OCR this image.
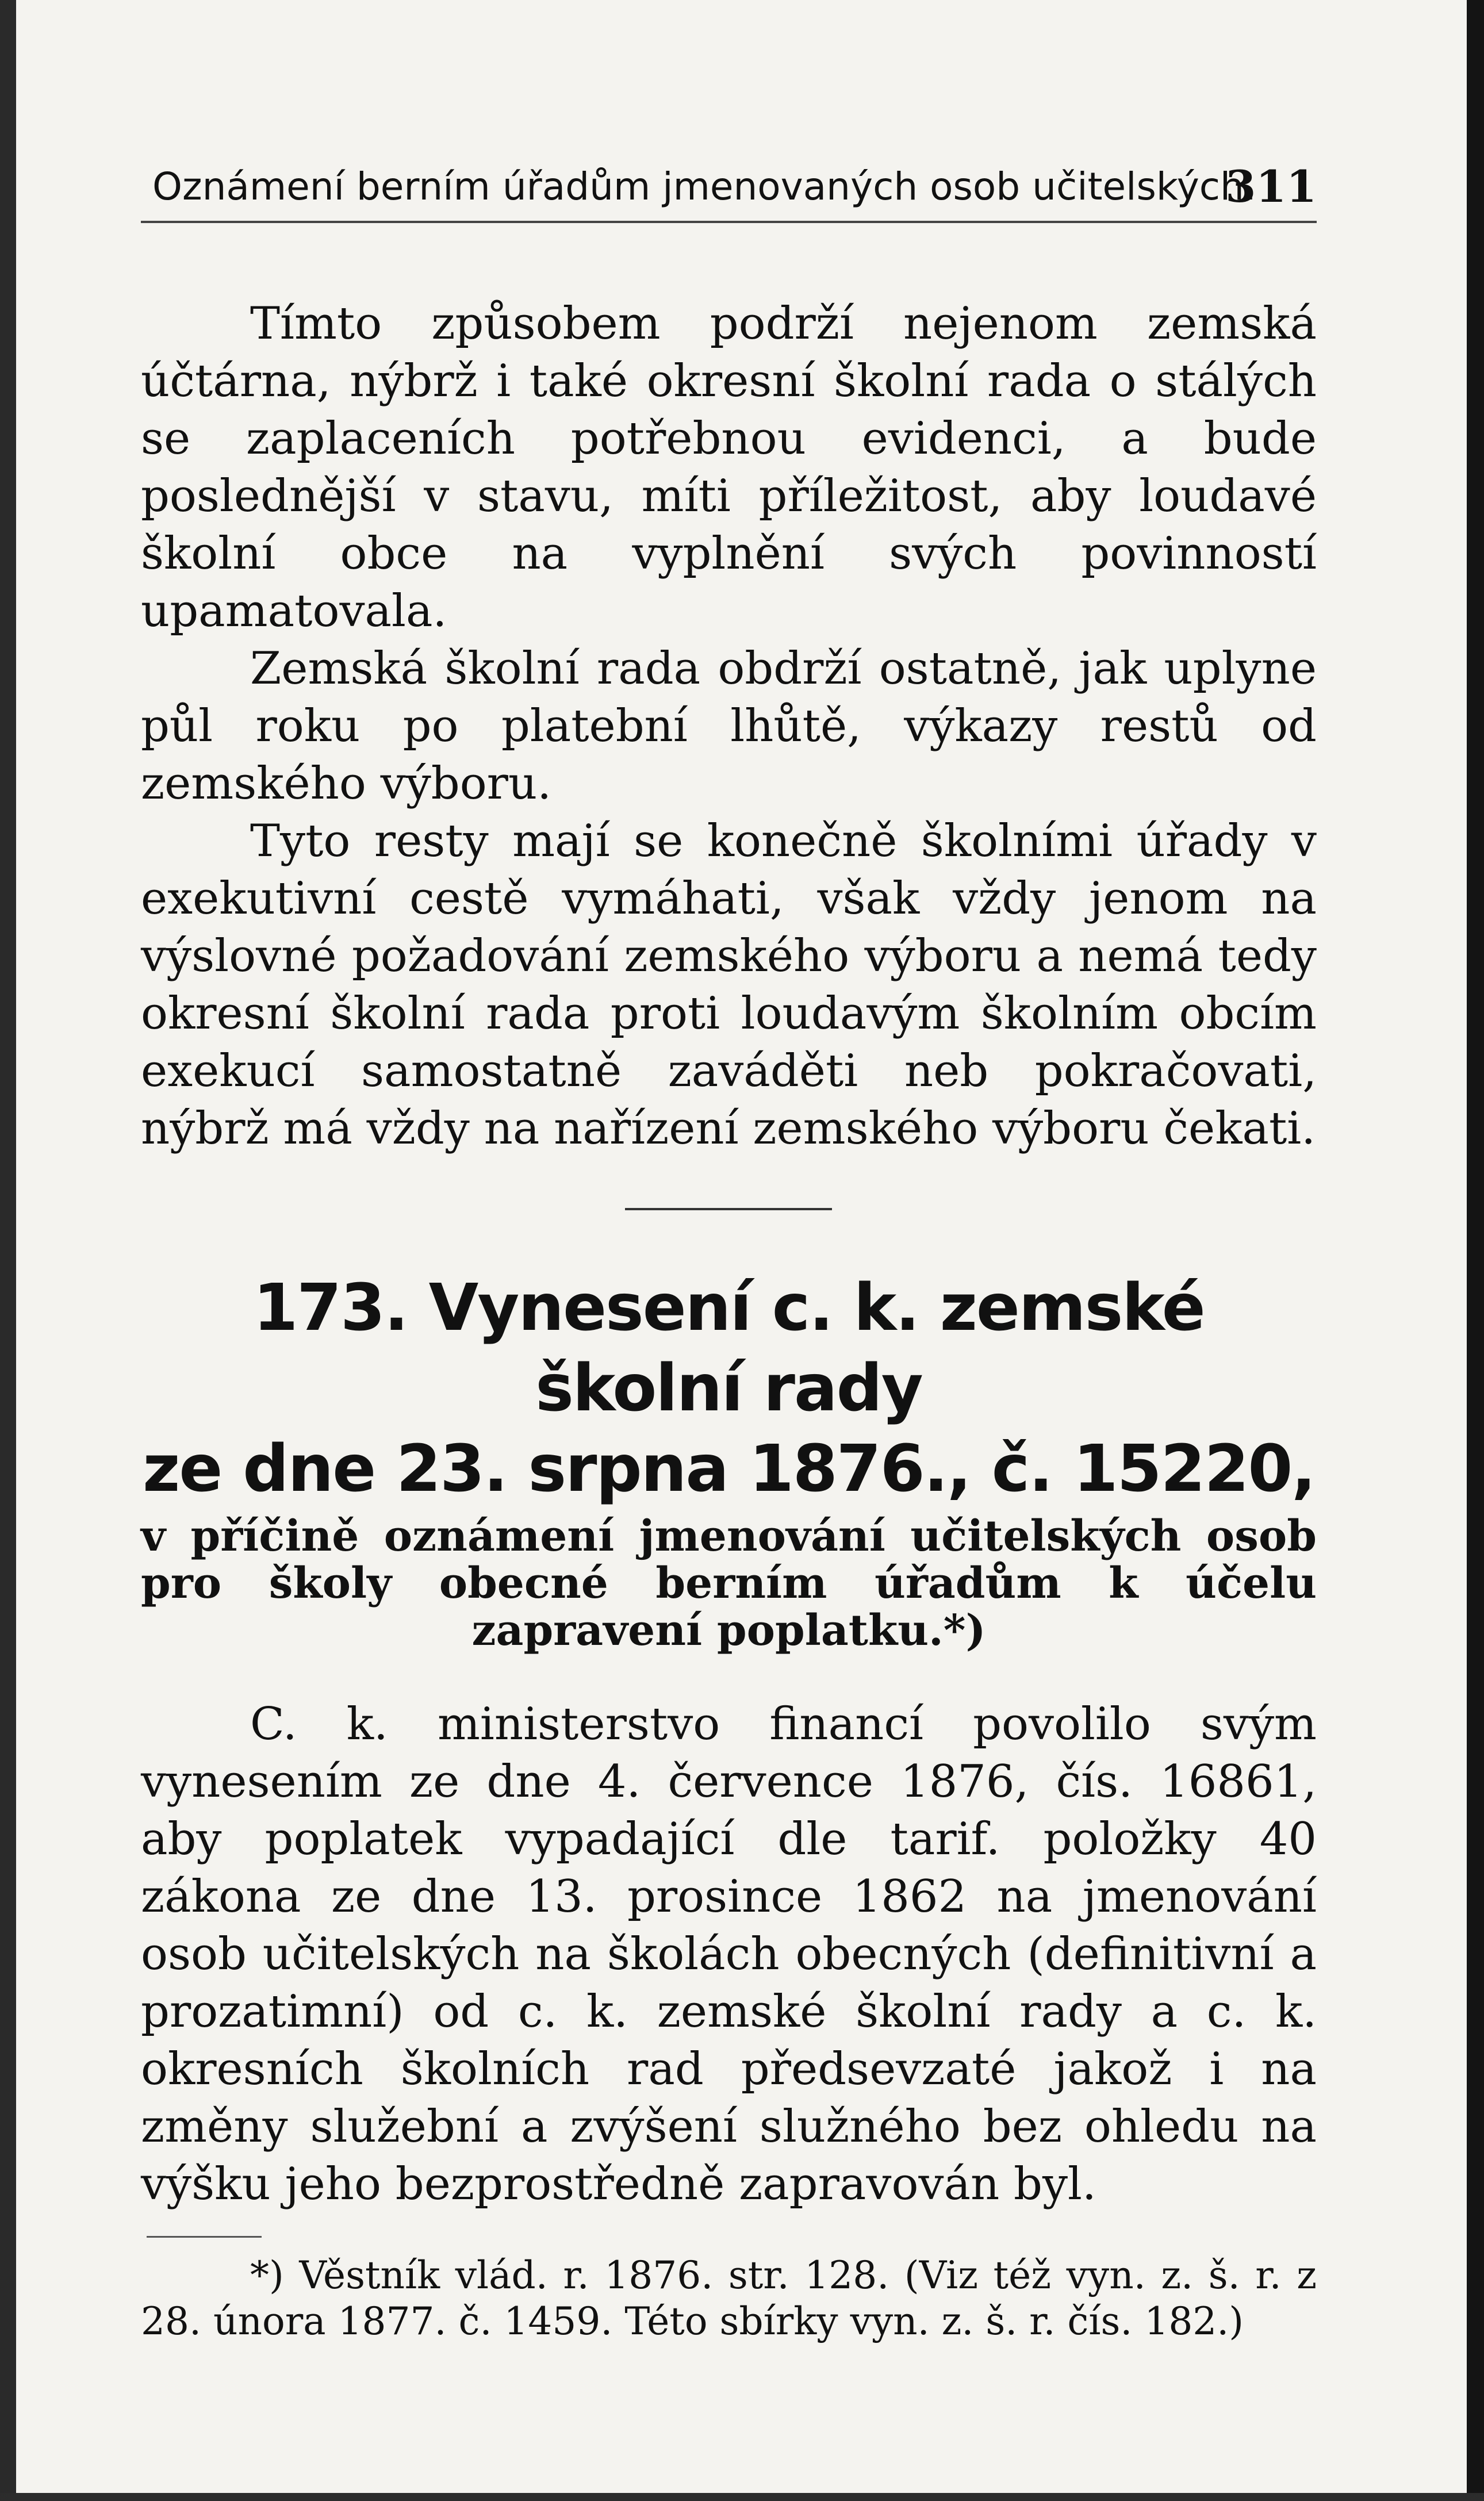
Oznámení berním úřadům jmenovaných osob učitelských.
311

Tímto způsobem podrží nejenom zemská účtárna, nýbrž i také okresní školní rada o stálých se zaplaceních potřebnou evidenci, a bude poslednější v stavu, míti příležitost, aby loudavé školní obce na vyplnění svých povinností upamatovala.

Zemská školní rada obdrží ostatně, jak uplyne půl roku po platební lhůtě, výkazy restů od zemského výboru.

Tyto resty mají se konečně školními úřady v exekutivní cestě vymáhati, však vždy jenom na výslovné požadování zemského výboru a nemá tedy okresní školní rada proti loudavým školním obcím exekucí samostatně zaváděti neb pokračovati, nýbrž má vždy na nařízení zemského výboru čekati.

173. Vynesení c. k. zemské školní rady
ze dne 23. srpna 1876., č. 15220,
v příčině oznámení jmenování učitelských osob pro školy obecné berním úřadům k účelu zapravení poplatku.*)

C. k. ministerstvo financí povolilo svým vynesením ze dne 4. července 1876, čís. 16861, aby poplatek vypadající dle tarif. položky 40 zákona ze dne 13. prosince 1862 na jmenování osob učitelských na školách obecných (definitivní a prozatimní) od c. k. zemské školní rady a c. k. okresních školních rad předsevzaté jakož i na změny služební a zvýšení služného bez ohledu na výšku jeho bezprostředně zapravován byl.

*) Věstník vlád. r. 1876. str. 128. (Viz též vyn. z. š. r. z 28. února 1877. č. 1459. Této sbírky vyn. z. š. r. čís. 182.)
